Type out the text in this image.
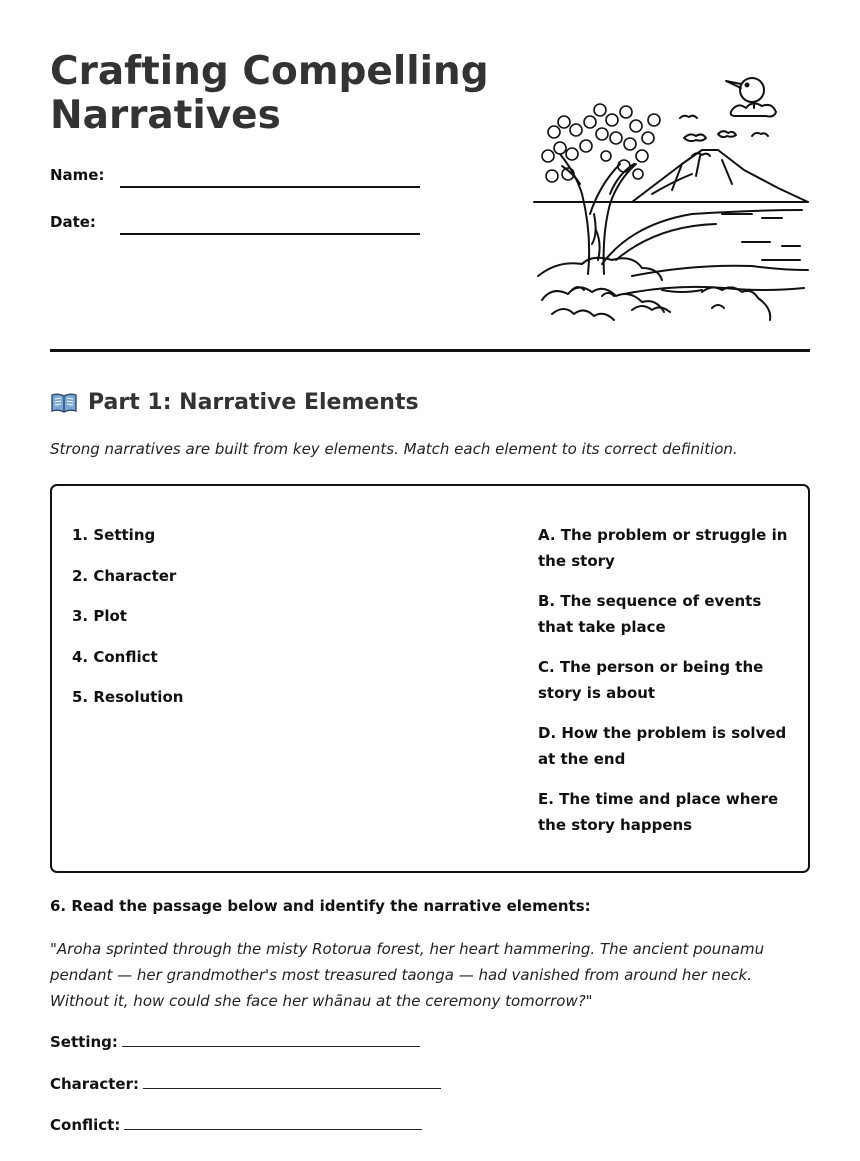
Crafting Compelling Narratives
Name:
Date:
Part 1: Narrative Elements

Strong narratives are built from key elements. Match each element to its correct definition.

1. Setting
2. Character
3. Plot
4. Conflict
5. Resolution
A. The problem or struggle in the story
B. The sequence of events that take place
C. The person or being the story is about
D. How the problem is solved at the end
E. The time and place where the story happens
6. Read the passage below and identify the narrative elements:

"Aroha sprinted through the misty Rotorua forest, her heart hammering. The ancient pounamu pendant — her grandmother's most treasured taonga — had vanished from around her neck. Without it, how could she face her whānau at the ceremony tomorrow?"

Setting:
Character:
Conflict:
